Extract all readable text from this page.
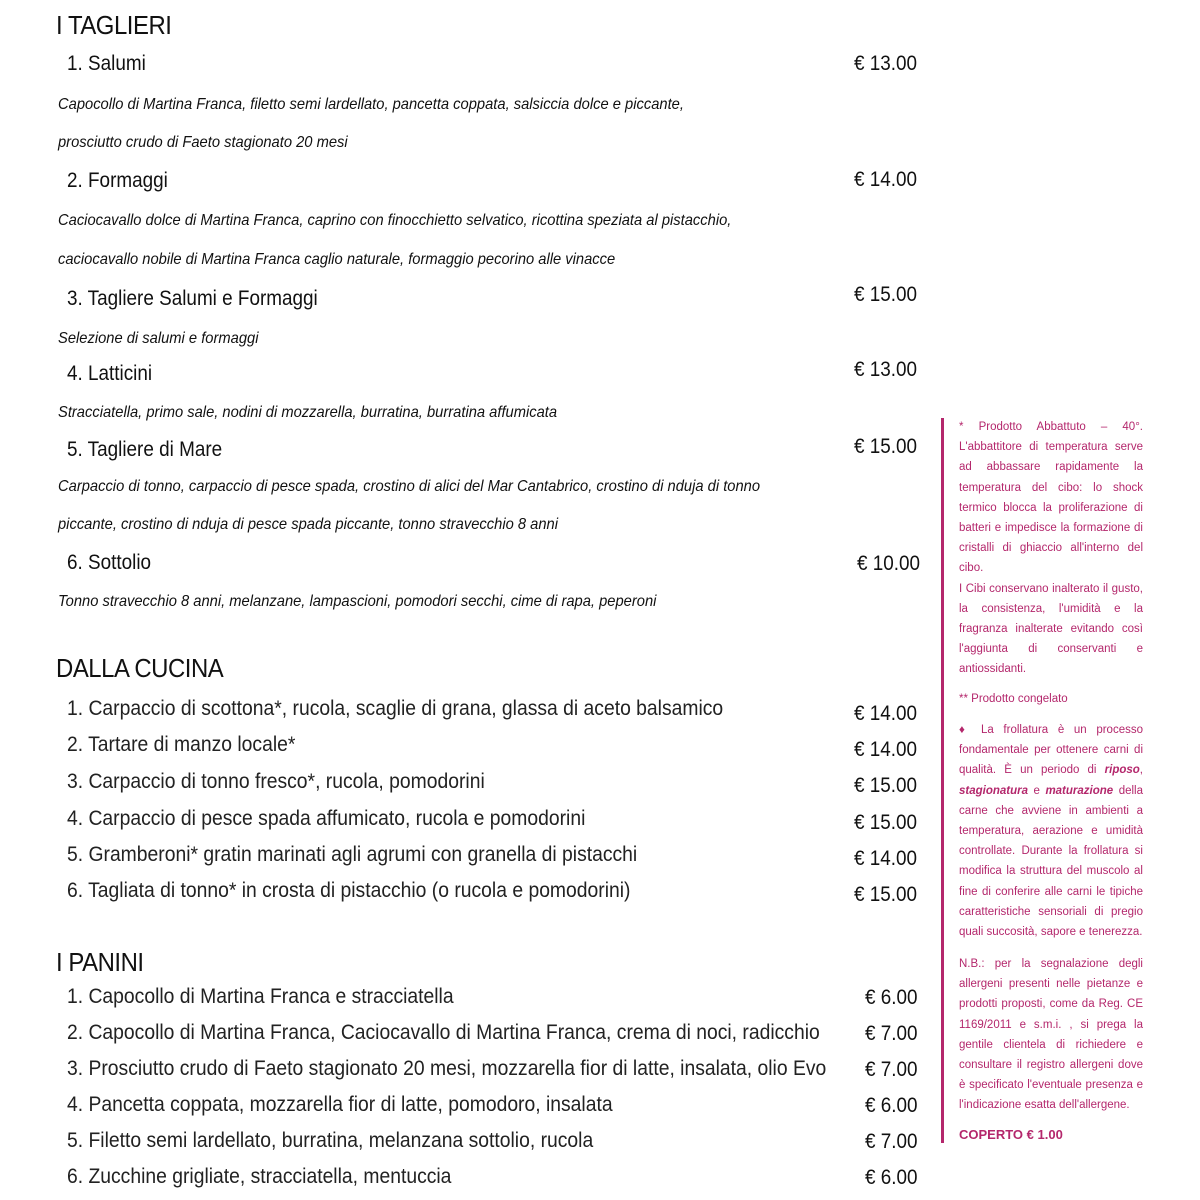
I TAGLIERI
1. Salumi	€ 13.00
Capocollo di Martina Franca, filetto semi lardellato, pancetta coppata, salsiccia dolce e piccante,
prosciutto crudo di Faeto stagionato 20 mesi
2. Formaggi	€ 14.00
Caciocavallo dolce di Martina Franca, caprino con finocchietto selvatico, ricottina speziata al pistacchio,
caciocavallo nobile di Martina Franca caglio naturale, formaggio pecorino alle vinacce
3. Tagliere Salumi e Formaggi	€ 15.00
Selezione di salumi e formaggi
4. Latticini	€ 13.00
Stracciatella, primo sale, nodini di mozzarella, burratina, burratina affumicata
5. Tagliere di Mare	€ 15.00
Carpaccio di tonno, carpaccio di pesce spada, crostino di alici del Mar Cantabrico, crostino di nduja di tonno
piccante, crostino di nduja di pesce spada piccante, tonno stravecchio 8 anni
6. Sottolio	€ 10.00
Tonno stravecchio 8 anni, melanzane, lampascioni, pomodori secchi, cime di rapa, peperoni
DALLA CUCINA
1. Carpaccio di scottona*, rucola, scaglie di grana, glassa di aceto balsamico	€ 14.00
2. Tartare di manzo locale*	€ 14.00
3. Carpaccio di tonno fresco*, rucola, pomodorini	€ 15.00
4. Carpaccio di pesce spada affumicato, rucola e pomodorini	€ 15.00
5. Gramberoni* gratin marinati agli agrumi con granella di pistacchi	€ 14.00
6. Tagliata di tonno* in crosta di pistacchio (o rucola e pomodorini)	€ 15.00
I PANINI
1. Capocollo di Martina Franca e stracciatella	€ 6.00
2. Capocollo di Martina Franca, Caciocavallo di Martina Franca, crema di noci, radicchio € 7.00
3. Prosciutto crudo di Faeto stagionato 20 mesi, mozzarella fior di latte, insalata, olio Evo € 7.00
4. Pancetta coppata, mozzarella fior di latte, pomodoro, insalata	€ 6.00
5. Filetto semi lardellato, burratina, melanzana sottolio, rucola	€ 7.00
6. Zucchine grigliate, stracciatella, mentuccia	€ 6.00
* Prodotto Abbattuto – 40°. L'abbattitore di temperatura serve ad abbassare rapidamente la temperatura del cibo: lo shock termico blocca la proliferazione di batteri e impedisce la formazione di cristalli di ghiaccio all'interno del cibo.
I Cibi conservano inalterato il gusto, la consistenza, l'umidità e la fragranza inalterate evitando così l'aggiunta di conservanti e antiossidanti.
** Prodotto congelato
♦ La frollatura è un processo fondamentale per ottenere carni di qualità. È un periodo di riposo, stagionatura e maturazione della carne che avviene in ambienti a temperatura, aerazione e umidità controllate. Durante la frollatura si modifica la struttura del muscolo al fine di conferire alle carni le tipiche caratteristiche sensoriali di pregio quali succosità, sapore e tenerezza.
N.B.: per la segnalazione degli allergeni presenti nelle pietanze e prodotti proposti, come da Reg. CE 1169/2011 e s.m.i. , si prega la gentile clientela di richiedere e consultare il registro allergeni dove è specificato l'eventuale presenza e l'indicazione esatta dell'allergene.
COPERTO € 1.00
